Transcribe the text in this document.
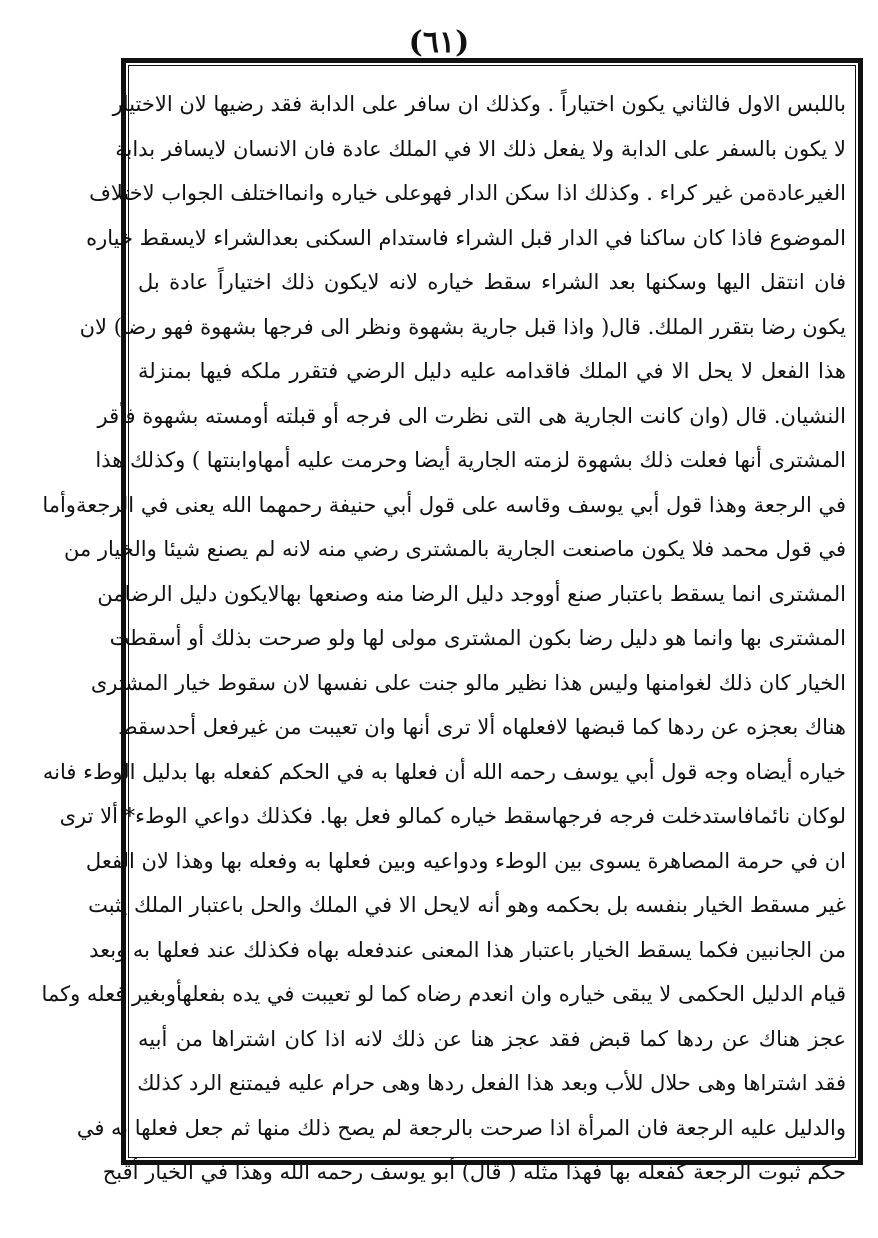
(٦١)
باللبس الاول فالثاني يكون اختياراً . وكذلك ان سافر على الدابة فقد رضيها لان الاختيار
لا يكون بالسفر على الدابة ولا يفعل ذلك الا في الملك عادة فان الانسان لايسافر بدابة
الغيرعادةمن غير كراء . وكذلك اذا سكن الدار فهوعلى خياره وانمااختلف الجواب لاختلاف
الموضوع فاذا كان ساكنا في الدار قبل الشراء فاستدام السكنى بعدالشراء لايسقط خياره
فان انتقل اليها وسكنها بعد الشراء سقط خياره لانه لايكون ذلك اختياراً عادة بل
يكون رضا بتقرر الملك. قال( واذا قبل جارية بشهوة ونظر الى فرجها بشهوة فهو رضا) لان
هذا الفعل لا يحل الا في الملك فاقدامه عليه دليل الرضي فتقرر ملكه فيها بمنزلة
النشيان. قال (وان كانت الجارية هى التى نظرت الى فرجه أو قبلته أومسته بشهوة فأقر
المشترى أنها فعلت ذلك بشهوة لزمته الجارية أيضا وحرمت عليه أمهاوابنتها ) وكذلك هذا
في الرجعة وهذا قول أبي يوسف وقاسه على قول أبي حنيفة رحمهما الله يعنى في الرجعةوأما
في قول محمد فلا يكون ماصنعت الجارية بالمشترى رضي منه لانه لم يصنع شيئا والخيار من
المشترى انما يسقط باعتبار صنع أووجد دليل الرضا منه وصنعها بهالايكون دليل الرضامن
المشترى بها وانما هو دليل رضا بكون المشترى مولى لها ولو صرحت بذلك أو أسقطت
الخيار كان ذلك لغوامنها وليس هذا نظير مالو جنت على نفسها لان سقوط خيار المشترى
هناك بعجزه عن ردها كما قبضها لافعلهاه ألا ترى أنها وان تعيبت من غيرفعل أحدسقط
خياره أيضاه وجه قول أبي يوسف رحمه الله أن فعلها به في الحكم كفعله بها بدليل الوطء فانه
لوكان نائمافاستدخلت فرجه فرجهاسقط خياره كمالو فعل بها. فكذلك دواعي الوطء* ألا ترى
ان في حرمة المصاهرة يسوى بين الوطء ودواعيه وبين فعلها به وفعله بها وهذا لان الفعل
غير مسقط الخيار بنفسه بل بحكمه وهو أنه لايحل الا في الملك والحل باعتبار الملك يثبت
من الجانبين فكما يسقط الخيار باعتبار هذا المعنى عندفعله بهاه فكذلك عند فعلها به وبعد
قيام الدليل الحكمى لا يبقى خياره وان انعدم رضاه كما لو تعيبت في يده بفعلهأوبغير فعله وكما
عجز هناك عن ردها كما قبض فقد عجز هنا عن ذلك لانه اذا كان اشتراها من أبيه
فقد اشتراها وهى حلال للأب وبعد هذا الفعل ردها وهى حرام عليه فيمتنع الرد كذلك
والدليل عليه الرجعة فان المرأة اذا صرحت بالرجعة لم يصح ذلك منها ثم جعل فعلها به في
حكم ثبوت الرجعة كفعله بها فهذا مثله ( قال) أبو يوسف رحمه الله وهذا في الخيار أقبح
